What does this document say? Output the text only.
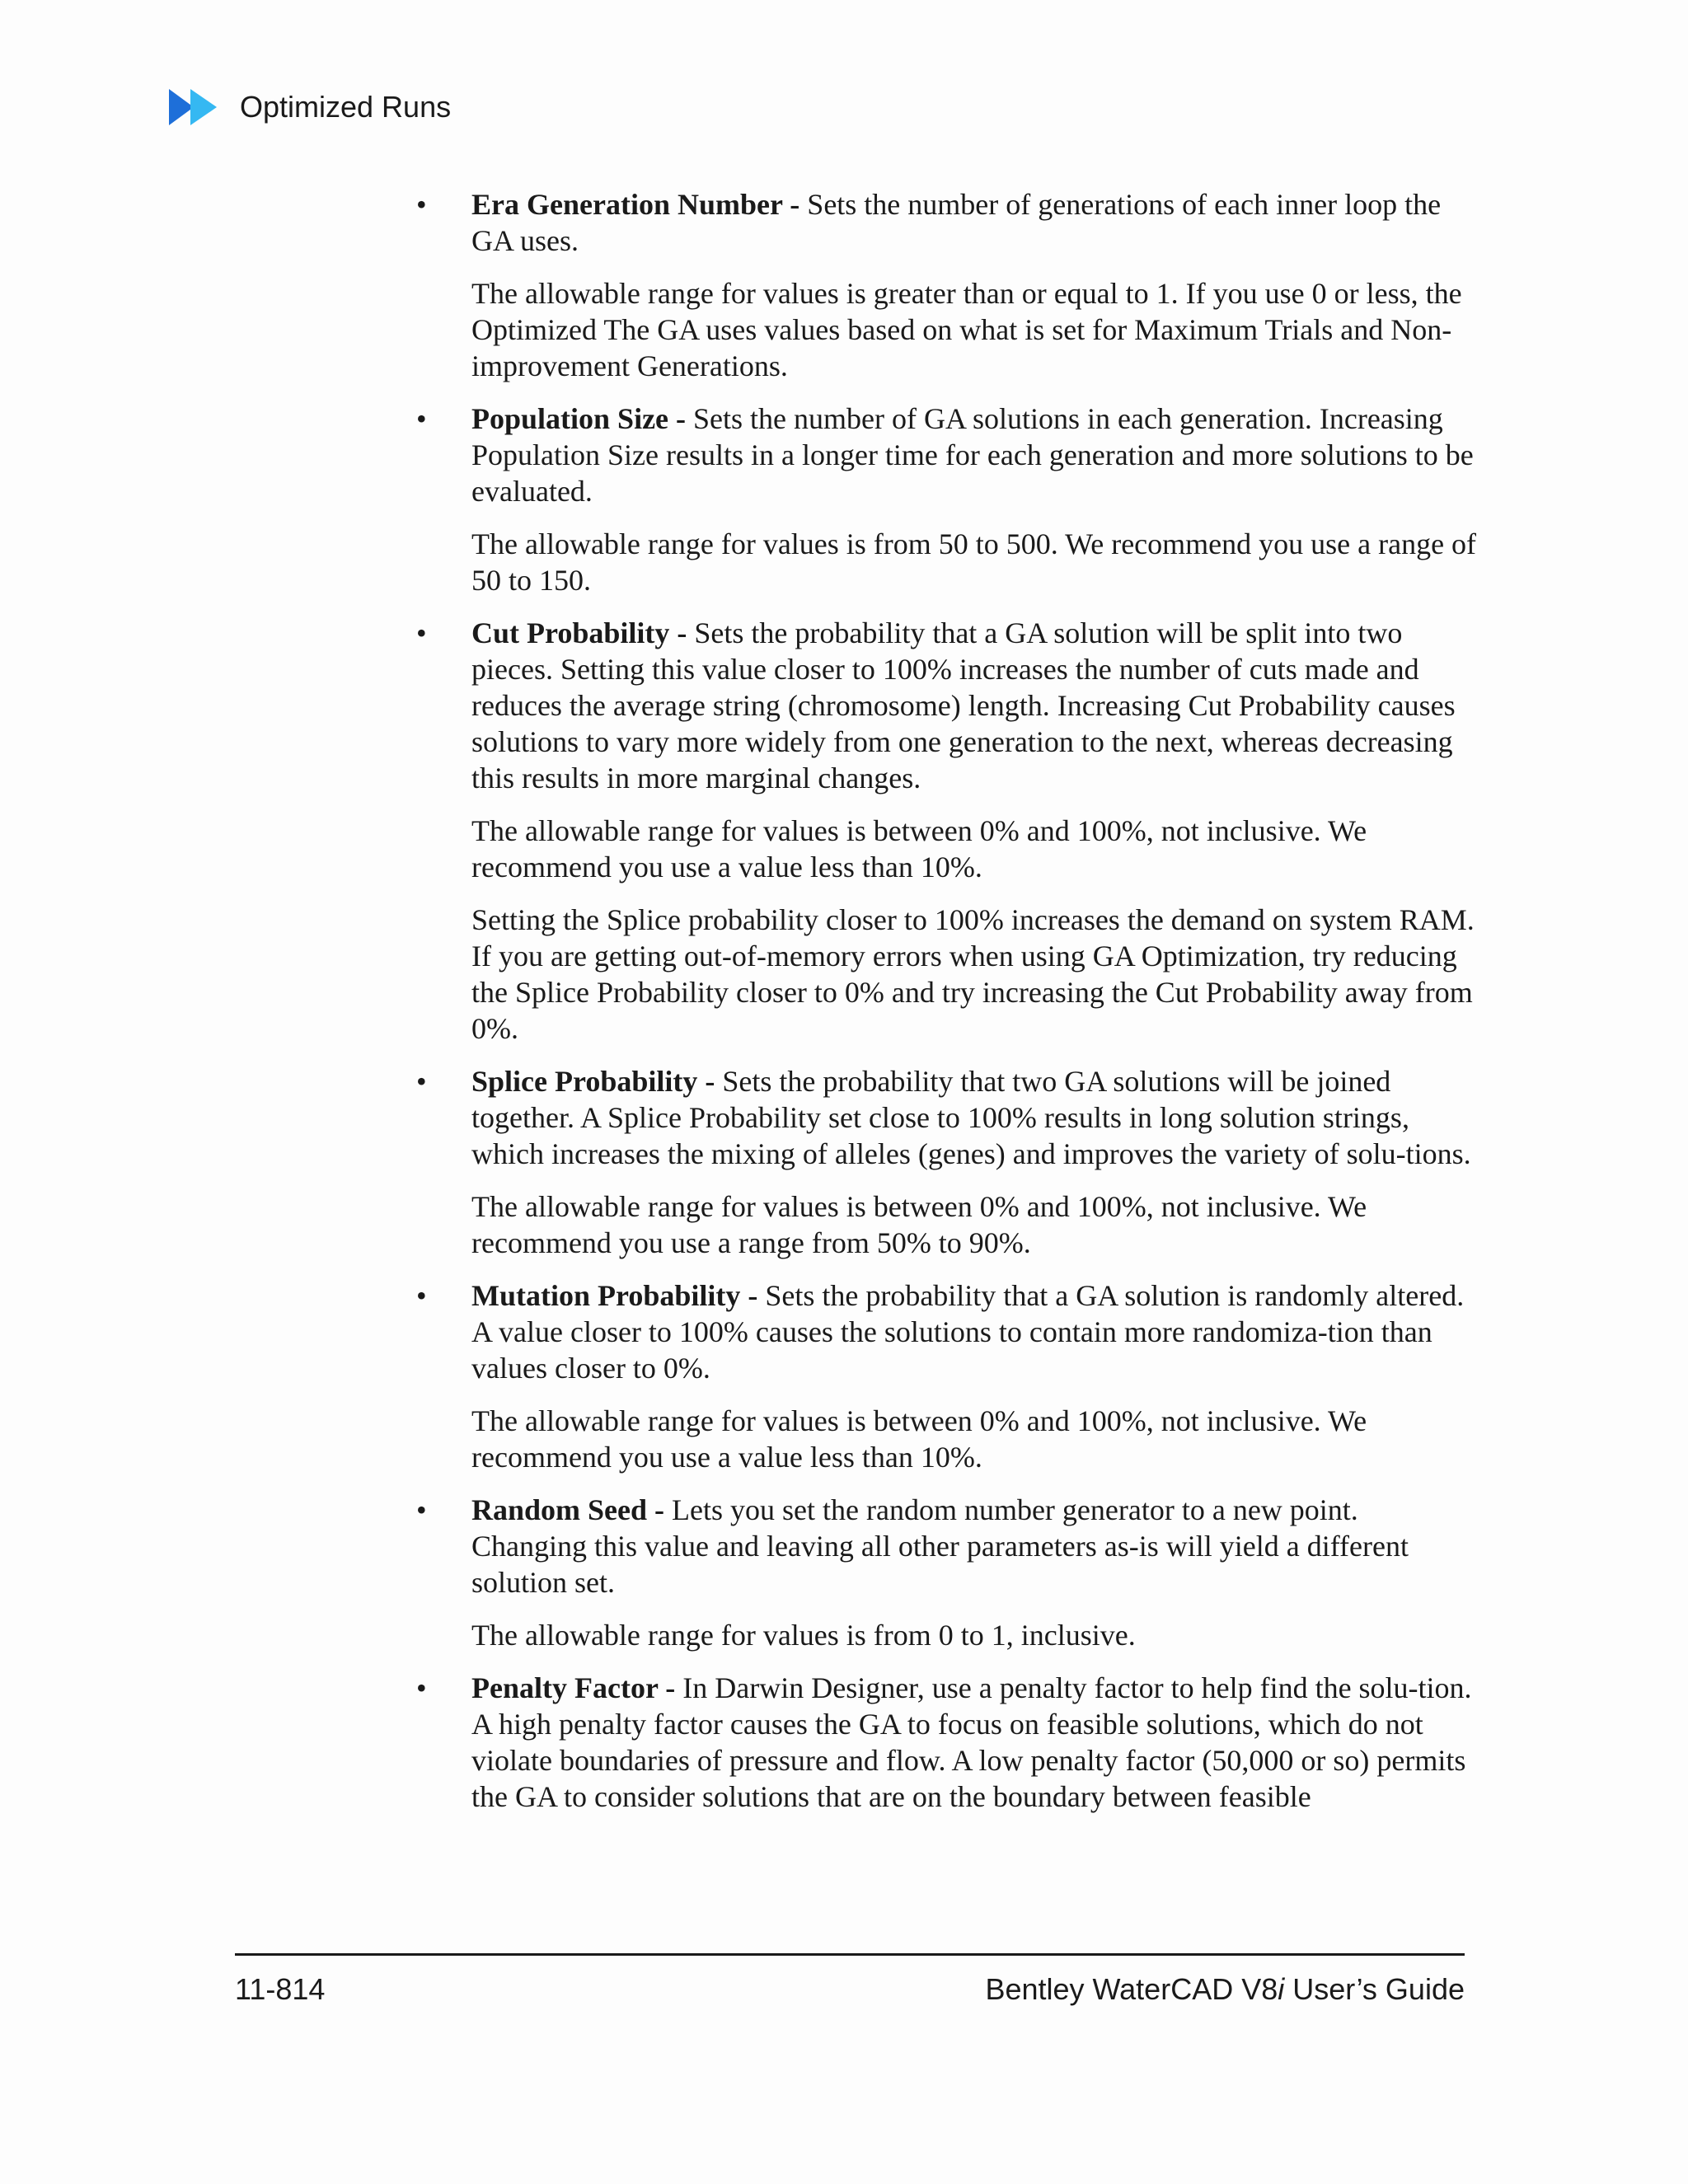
Optimized Runs
• Era Generation Number - Sets the number of generations of each inner loop the GA uses.

The allowable range for values is greater than or equal to 1. If you use 0 or less, the Optimized The GA uses values based on what is set for Maximum Trials and Non-improvement Generations.

• Population Size - Sets the number of GA solutions in each generation. Increasing Population Size results in a longer time for each generation and more solutions to be evaluated.

The allowable range for values is from 50 to 500. We recommend you use a range of 50 to 150.

• Cut Probability - Sets the probability that a GA solution will be split into two pieces. Setting this value closer to 100% increases the number of cuts made and reduces the average string (chromosome) length. Increasing Cut Probability causes solutions to vary more widely from one generation to the next, whereas decreasing this results in more marginal changes.

The allowable range for values is between 0% and 100%, not inclusive. We recommend you use a value less than 10%.

Setting the Splice probability closer to 100% increases the demand on system RAM. If you are getting out-of-memory errors when using GA Optimization, try reducing the Splice Probability closer to 0% and try increasing the Cut Probability away from 0%.

• Splice Probability - Sets the probability that two GA solutions will be joined together. A Splice Probability set close to 100% results in long solution strings, which increases the mixing of alleles (genes) and improves the variety of solu-tions.

The allowable range for values is between 0% and 100%, not inclusive. We recommend you use a range from 50% to 90%.

• Mutation Probability - Sets the probability that a GA solution is randomly altered. A value closer to 100% causes the solutions to contain more randomiza-tion than values closer to 0%.

The allowable range for values is between 0% and 100%, not inclusive. We recommend you use a value less than 10%.

• Random Seed - Lets you set the random number generator to a new point. Changing this value and leaving all other parameters as-is will yield a different solution set.

The allowable range for values is from 0 to 1, inclusive.

• Penalty Factor - In Darwin Designer, use a penalty factor to help find the solu-tion. A high penalty factor causes the GA to focus on feasible solutions, which do not violate boundaries of pressure and flow. A low penalty factor (50,000 or so) permits the GA to consider solutions that are on the boundary between feasible

11-814	Bentley WaterCAD V8i User’s Guide
